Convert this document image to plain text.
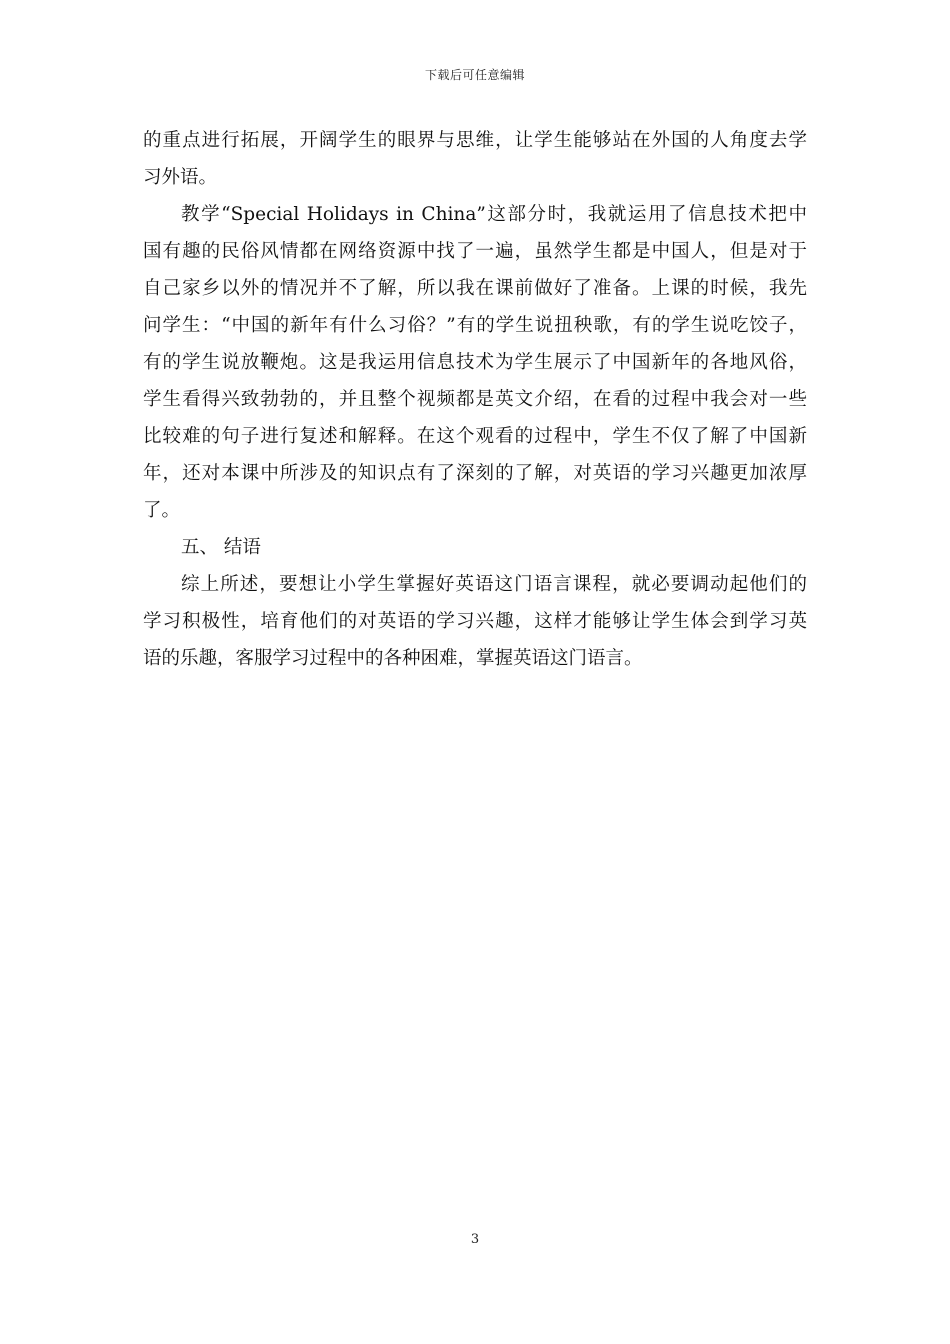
下载后可任意编辑
的重点进行拓展，开阔学生的眼界与思维，让学生能够站在外国的人角度去学
习外语。
教学“Special Holidays in China”这部分时，我就运用了信息技术把中
国有趣的民俗风情都在网络资源中找了一遍，虽然学生都是中国人，但是对于
自己家乡以外的情况并不了解，所以我在课前做好了准备。上课的时候，我先
问学生：“中国的新年有什么习俗？”有的学生说扭秧歌，有的学生说吃饺子，
有的学生说放鞭炮。这是我运用信息技术为学生展示了中国新年的各地风俗，
学生看得兴致勃勃的，并且整个视频都是英文介绍，在看的过程中我会对一些
比较难的句子进行复述和解释。在这个观看的过程中，学生不仅了解了中国新
年，还对本课中所涉及的知识点有了深刻的了解，对英语的学习兴趣更加浓厚
了。
五、 结语
综上所述，要想让小学生掌握好英语这门语言课程，就必要调动起他们的
学习积极性，培育他们的对英语的学习兴趣，这样才能够让学生体会到学习英
语的乐趣，客服学习过程中的各种困难，掌握英语这门语言。
3
